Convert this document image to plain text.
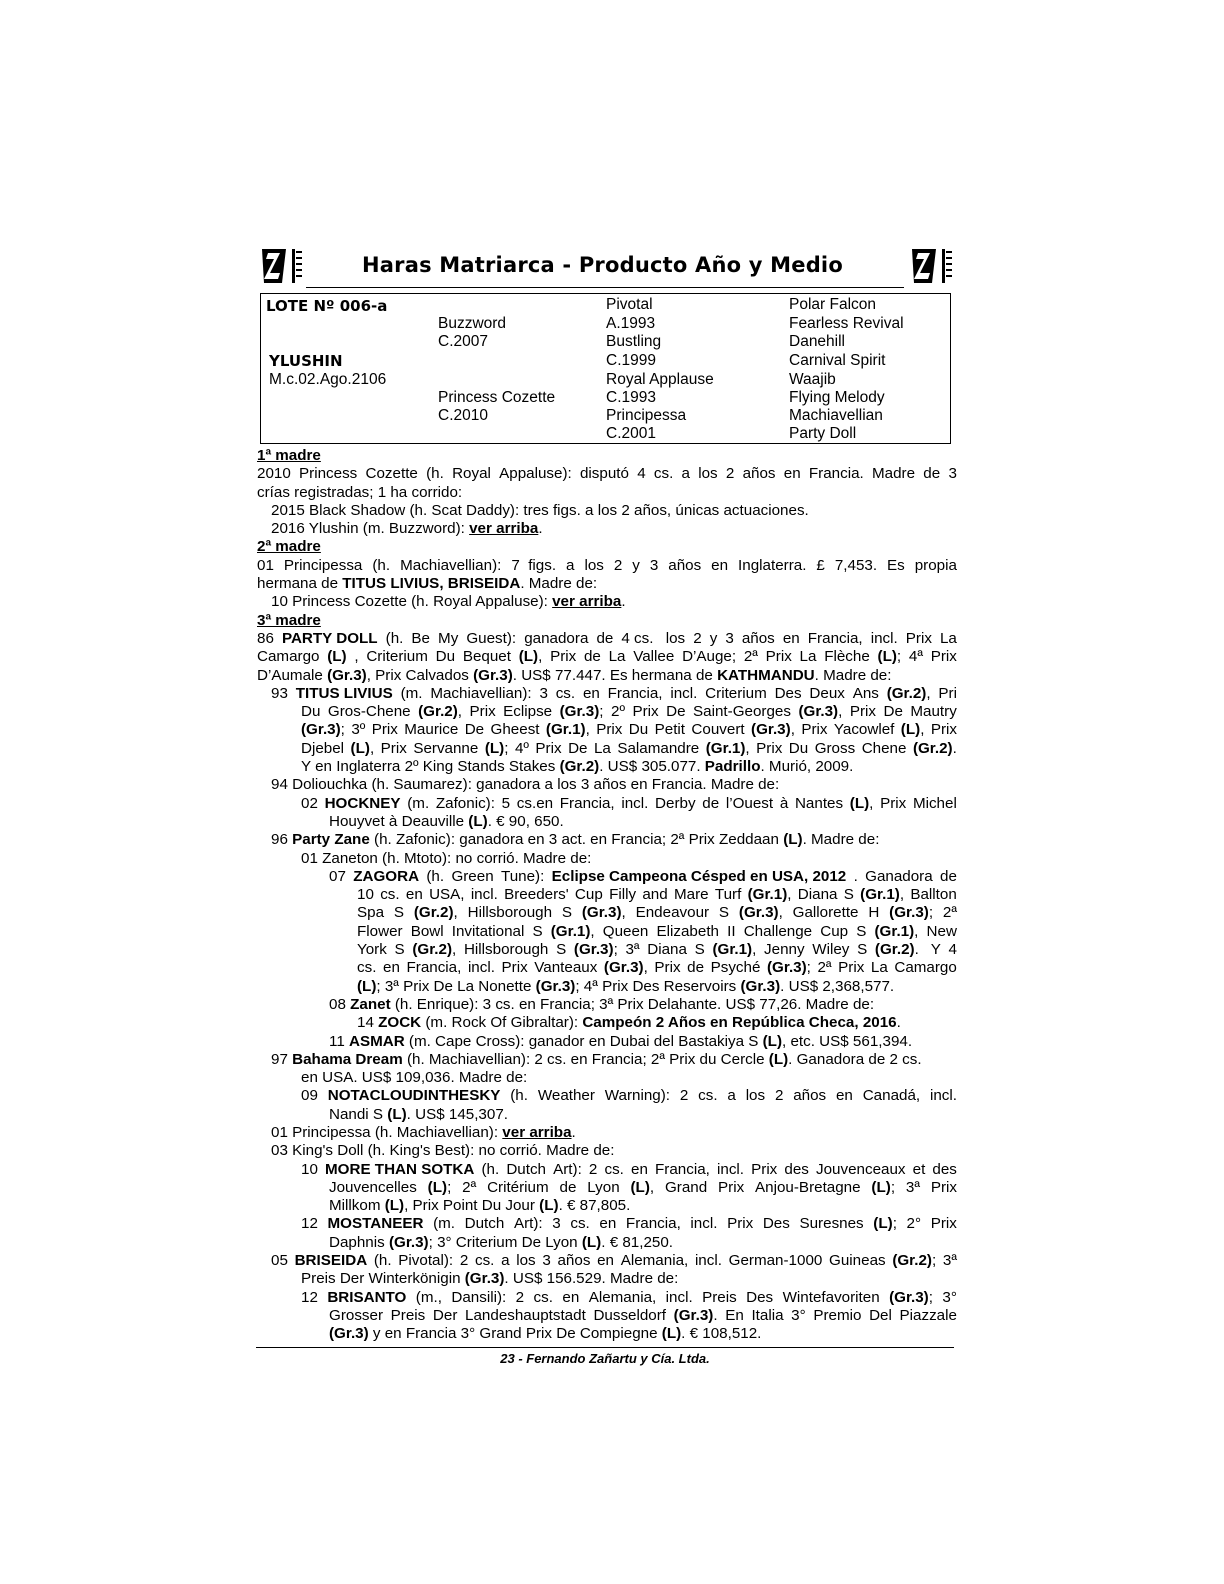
Haras Matriarca - Producto Año y Medio
LOTE Nº 006-a
YLUSHIN
M.c.02.Ago.2106
Buzzword
C.2007
Princess Cozette
C.2010
Pivotal
A.1993
Bustling
C.1999
Royal Applause
C.1993
Principessa
C.2001
Polar Falcon
Fearless Revival
Danehill
Carnival Spirit
Waajib
Flying Melody
Machiavellian
Party Doll
1ª madre
2010 Princess Cozette (h. Royal Appaluse): disputó 4 cs. a los 2 años en Francia. Madre de 3
crías registradas; 1 ha corrido:
2015 Black Shadow (h. Scat Daddy): tres figs. a los 2 años, únicas actuaciones.
2016 Ylushin (m. Buzzword): ver arriba.
2ª madre
01 Principessa (h. Machiavellian): 7  figs. a los 2 y 3 años en Inglaterra. £ 7,453. Es propia
hermana de TITUS LIVIUS, BRISEIDA. Madre de:
10 Princess Cozette (h. Royal Appaluse): ver arriba.
3ª madre
86 PARTY DOLL (h. Be My Guest): ganadora de 4 cs. los 2 y 3 años en Francia, incl. Prix La
Camargo (L) , Criterium Du Bequet (L), Prix de La Vallee D’Auge; 2ª Prix La Flèche (L); 4ª Prix
D’Aumale (Gr.3), Prix Calvados (Gr.3). US$ 77.447. Es hermana de KATHMANDU. Madre de:
93 TITUS LIVIUS (m. Machiavellian): 3 cs. en Francia, incl. Criterium Des Deux Ans (Gr.2), Pri
Du Gros-Chene (Gr.2), Prix Eclipse (Gr.3); 2º Prix De Saint-Georges (Gr.3), Prix De Mautry
(Gr.3); 3º Prix Maurice De Gheest (Gr.1), Prix Du Petit Couvert (Gr.3), Prix Yacowlef (L), Prix
Djebel (L), Prix Servanne (L); 4º Prix De La Salamandre (Gr.1), Prix Du Gross Chene (Gr.2).
Y en Inglaterra 2º King Stands Stakes (Gr.2). US$ 305.077. Padrillo. Murió, 2009.
94 Doliouchka (h. Saumarez): ganadora a los 3 años en Francia. Madre de:
02 HOCKNEY (m. Zafonic): 5 cs.en Francia, incl. Derby de l’Ouest à Nantes (L), Prix Michel
Houyvet à Deauville (L). € 90, 650.
96 Party Zane (h. Zafonic): ganadora en 3 act. en Francia; 2ª Prix Zeddaan (L). Madre de:
01 Zaneton (h. Mtoto): no corrió. Madre de:
07 ZAGORA (h. Green Tune): Eclipse Campeona Césped en USA, 2012 . Ganadora de
10 cs. en USA, incl. Breeders' Cup Filly and Mare Turf (Gr.1), Diana S (Gr.1), Ballton
Spa S (Gr.2), Hillsborough S (Gr.3), Endeavour S (Gr.3), Gallorette H (Gr.3); 2ª
Flower Bowl Invitational S (Gr.1), Queen Elizabeth II Challenge Cup S (Gr.1), New
York S (Gr.2), Hillsborough S (Gr.3); 3ª Diana S (Gr.1), Jenny Wiley S (Gr.2). Y 4
cs. en Francia, incl. Prix Vanteaux (Gr.3), Prix de Psyché (Gr.3); 2ª Prix La Camargo
(L); 3ª Prix De La Nonette (Gr.3); 4ª Prix Des Reservoirs (Gr.3). US$ 2,368,577.
08 Zanet (h. Enrique): 3 cs. en Francia; 3ª Prix Delahante. US$ 77,26. Madre de:
14 ZOCK (m. Rock Of Gibraltar): Campeón 2 Años en República Checa, 2016.
11 ASMAR (m. Cape Cross): ganador en Dubai del Bastakiya S (L), etc. US$ 561,394.
97 Bahama Dream (h. Machiavellian): 2 cs. en Francia; 2ª Prix du Cercle (L). Ganadora de 2 cs.
en USA. US$ 109,036. Madre de:
09 NOTACLOUDINTHESKY (h. Weather Warning): 2 cs. a los 2 años en Canadá, incl.
Nandi S (L). US$ 145,307.
01 Principessa (h. Machiavellian): ver arriba.
03 King's Doll (h. King's Best): no corrió. Madre de:
10 MORE THAN SOTKA (h. Dutch Art): 2 cs. en Francia, incl. Prix des Jouvenceaux et des
Jouvencelles (L); 2ª Critérium de Lyon (L), Grand Prix Anjou-Bretagne (L); 3ª Prix
Millkom (L), Prix Point Du Jour (L). € 87,805.
12 MOSTANEER (m. Dutch Art): 3 cs. en Francia, incl. Prix Des Suresnes (L); 2° Prix
Daphnis (Gr.3); 3° Criterium De Lyon (L). € 81,250.
05 BRISEIDA (h. Pivotal): 2 cs. a los 3 años en Alemania, incl. German-1000 Guineas (Gr.2); 3ª
Preis Der Winterkönigin (Gr.3). US$ 156.529. Madre de:
12 BRISANTO (m., Dansili): 2 cs. en Alemania, incl. Preis Des Wintefavoriten (Gr.3); 3°
Grosser Preis Der Landeshauptstadt Dusseldorf (Gr.3). En Italia 3° Premio Del Piazzale
(Gr.3) y en Francia 3° Grand Prix De Compiegne (L). € 108,512.
23 - Fernando Zañartu y Cía. Ltda.
